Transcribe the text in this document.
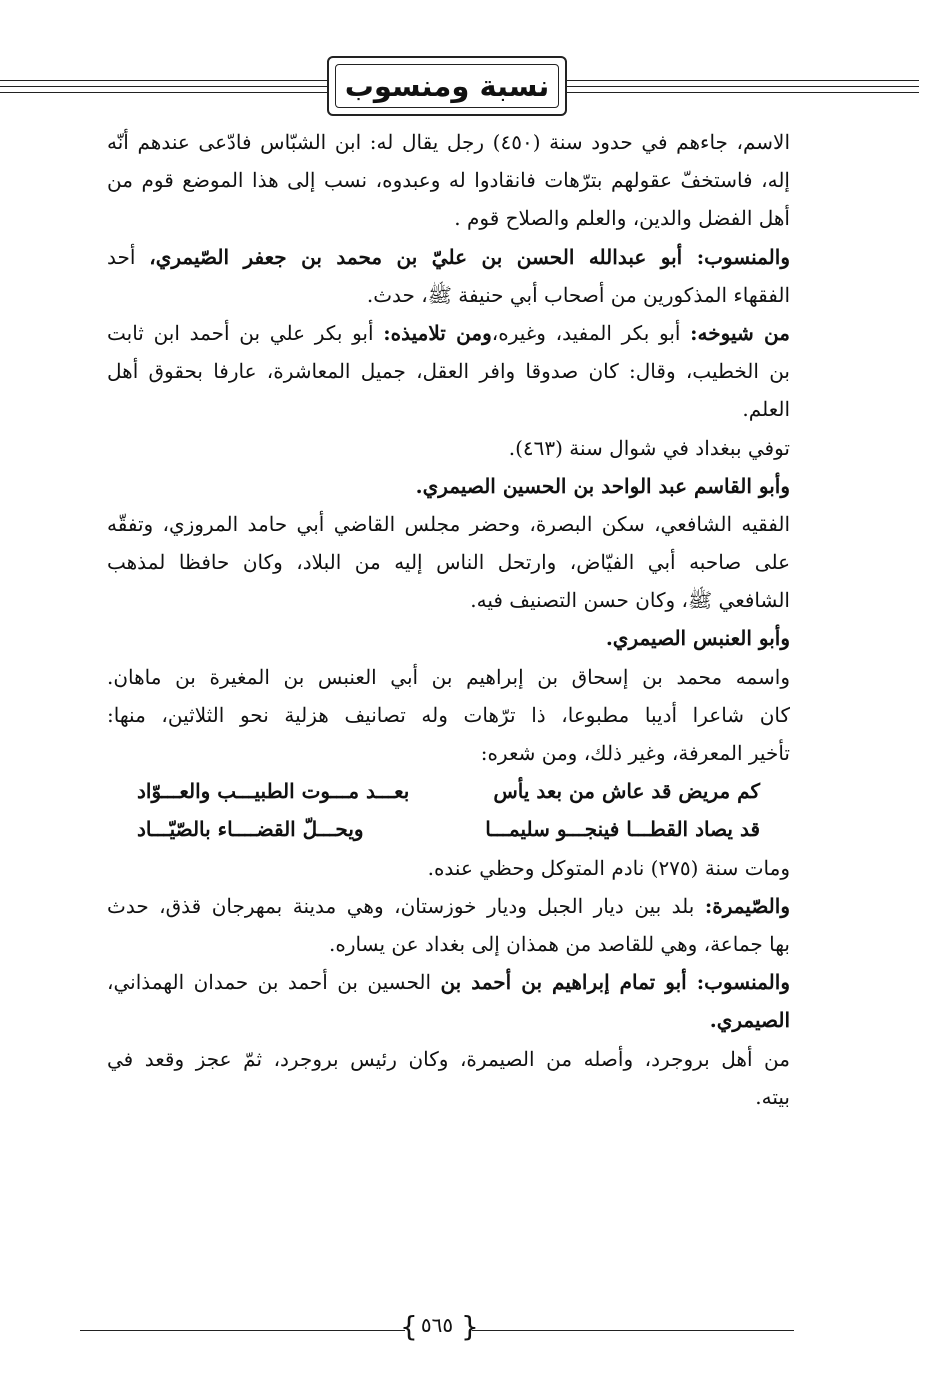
نسبة ومنسوب
الاسم، جاءهم في حدود سنة (٤٥٠) رجل يقال له: ابن الشبّاس فادّعى عندهم أنّه
إله، فاستخفّ عقولهم بترّهات فانقادوا له وعبدوه، نسب إلى هذا الموضع قوم من
أهل الفضل والدين، والعلم والصلاح قوم .
والمنسوب: أبو عبدالله الحسن بن عليّ بن محمد بن جعفر الصّيمري، أحد
الفقهاء المذكورين من أصحاب أبي حنيفة ﷺ، حدث.
من شيوخه: أبو بكر المفيد، وغيره،ومن تلاميذه: أبو بكر علي بن أحمد ابن ثابت
بن الخطيب، وقال: كان صدوقا وافر العقل، جميل المعاشرة، عارفا بحقوق أهل
العلم.
توفي ببغداد في شوال سنة (٤٦٣).
وأبو القاسم عبد الواحد بن الحسين الصيمري.
الفقيه الشافعي، سكن البصرة، وحضر مجلس القاضي أبي حامد المروزي، وتفقّه
على صاحبه أبي الفيّاض، وارتحل الناس إليه من البلاد، وكان حافظا لمذهب
الشافعي ﷺ، وكان حسن التصنيف فيه.
وأبو العنبس الصيمري.
واسمه محمد بن إسحاق بن إبراهيم بن أبي العنبس بن المغيرة بن ماهان.
كان شاعرا أديبا مطبوعا، ذا ترّهات وله تصانيف هزلية نحو الثلاثين، منها:
تأخير المعرفة، وغير ذلك، ومن شعره:
كم مريض قد عاش من بعد يأس
بعـــد مـــوت الطبيـــب والعـــوّاد
قد يصاد القطـــا فينجـــو سليمـــا
ويحـــلّ القضــــاء بالصّيّـــاد
ومات سنة (٢٧٥) نادم المتوكل وحظي عنده.
والصّيمرة: بلد بين ديار الجبل وديار خوزستان، وهي مدينة بمهرجان قذق، حدث
بها جماعة، وهي للقاصد من همذان إلى بغداد عن يساره.
والمنسوب: أبو تمام إبراهيم بن أحمد بن الحسين بن أحمد بن حمدان الهمذاني،
الصيمري.
من أهل بروجرد، وأصله من الصيمرة، وكان رئيس بروجرد، ثمّ عجز وقعد في
بيته.
{ ٥٦٥ }
